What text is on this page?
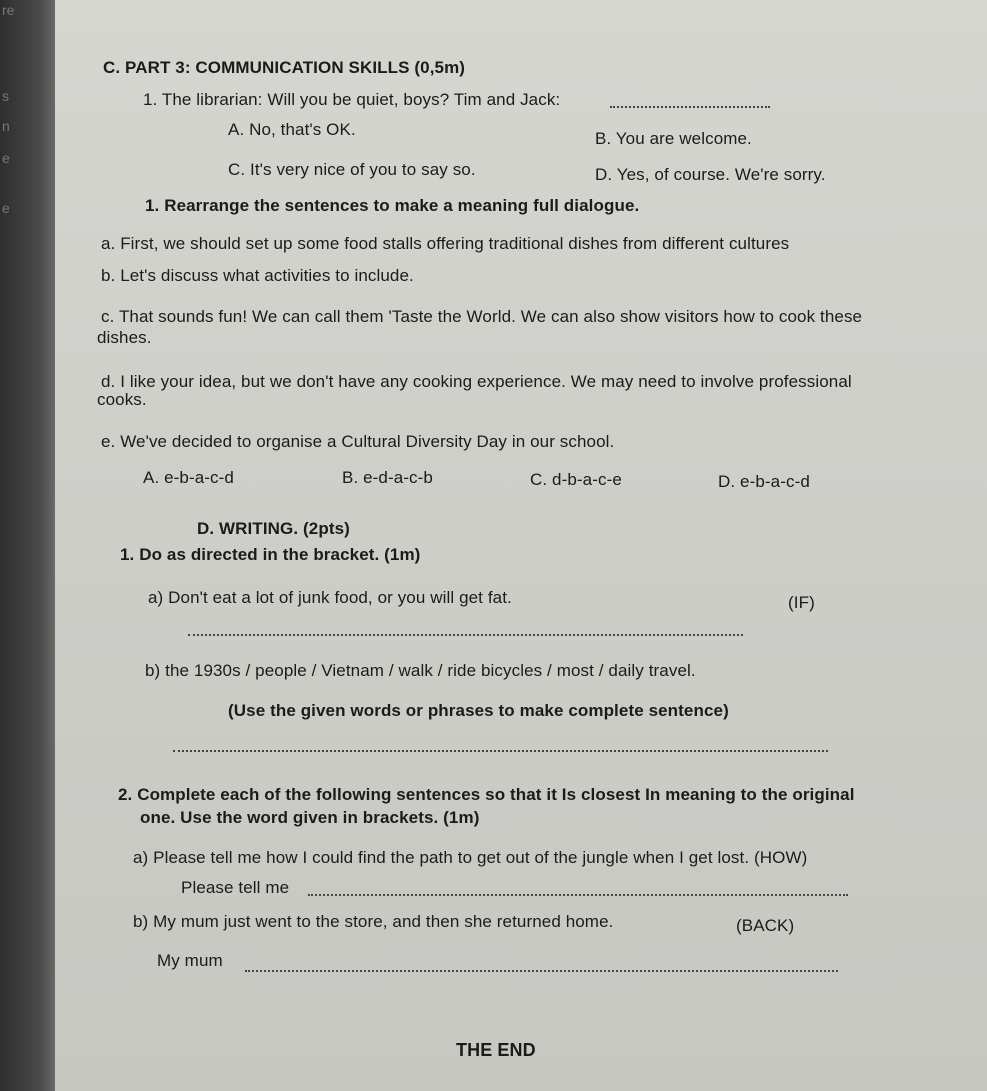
re
s
n
e
e
C. PART 3: COMMUNICATION SKILLS (0,5m)
1. The librarian: Will you be quiet, boys? Tim and Jack:
A. No, that's OK.	B. You are welcome.
C. It's very nice of you to say so.	D. Yes, of course. We're sorry.
1. Rearrange the sentences to make a meaning full dialogue.
a. First, we should set up some food stalls offering traditional dishes from different cultures
b. Let's discuss what activities to include.
c. That sounds fun! We can call them 'Taste the World. We can also show visitors how to cook these
dishes.
d. I like your idea, but we don't have any cooking experience. We may need to involve professional
cooks.
e. We've decided to organise a Cultural Diversity Day in our school.
A. e-b-a-c-d	B. e-d-a-c-b	C. d-b-a-c-e	D. e-b-a-c-d
D. WRITING. (2pts)
1. Do as directed in the bracket. (1m)
a) Don't eat a lot of junk food, or you will get fat.	(IF)
b) the 1930s / people / Vietnam / walk / ride bicycles / most / daily travel.
(Use the given words or phrases to make complete sentence)
2. Complete each of the following sentences so that it Is closest In meaning to the original
one. Use the word given in brackets. (1m)
a) Please tell me how I could find the path to get out of the jungle when I get lost. (HOW)
Please tell me
b) My mum just went to the store, and then she returned home.	(BACK)
My mum
THE END
